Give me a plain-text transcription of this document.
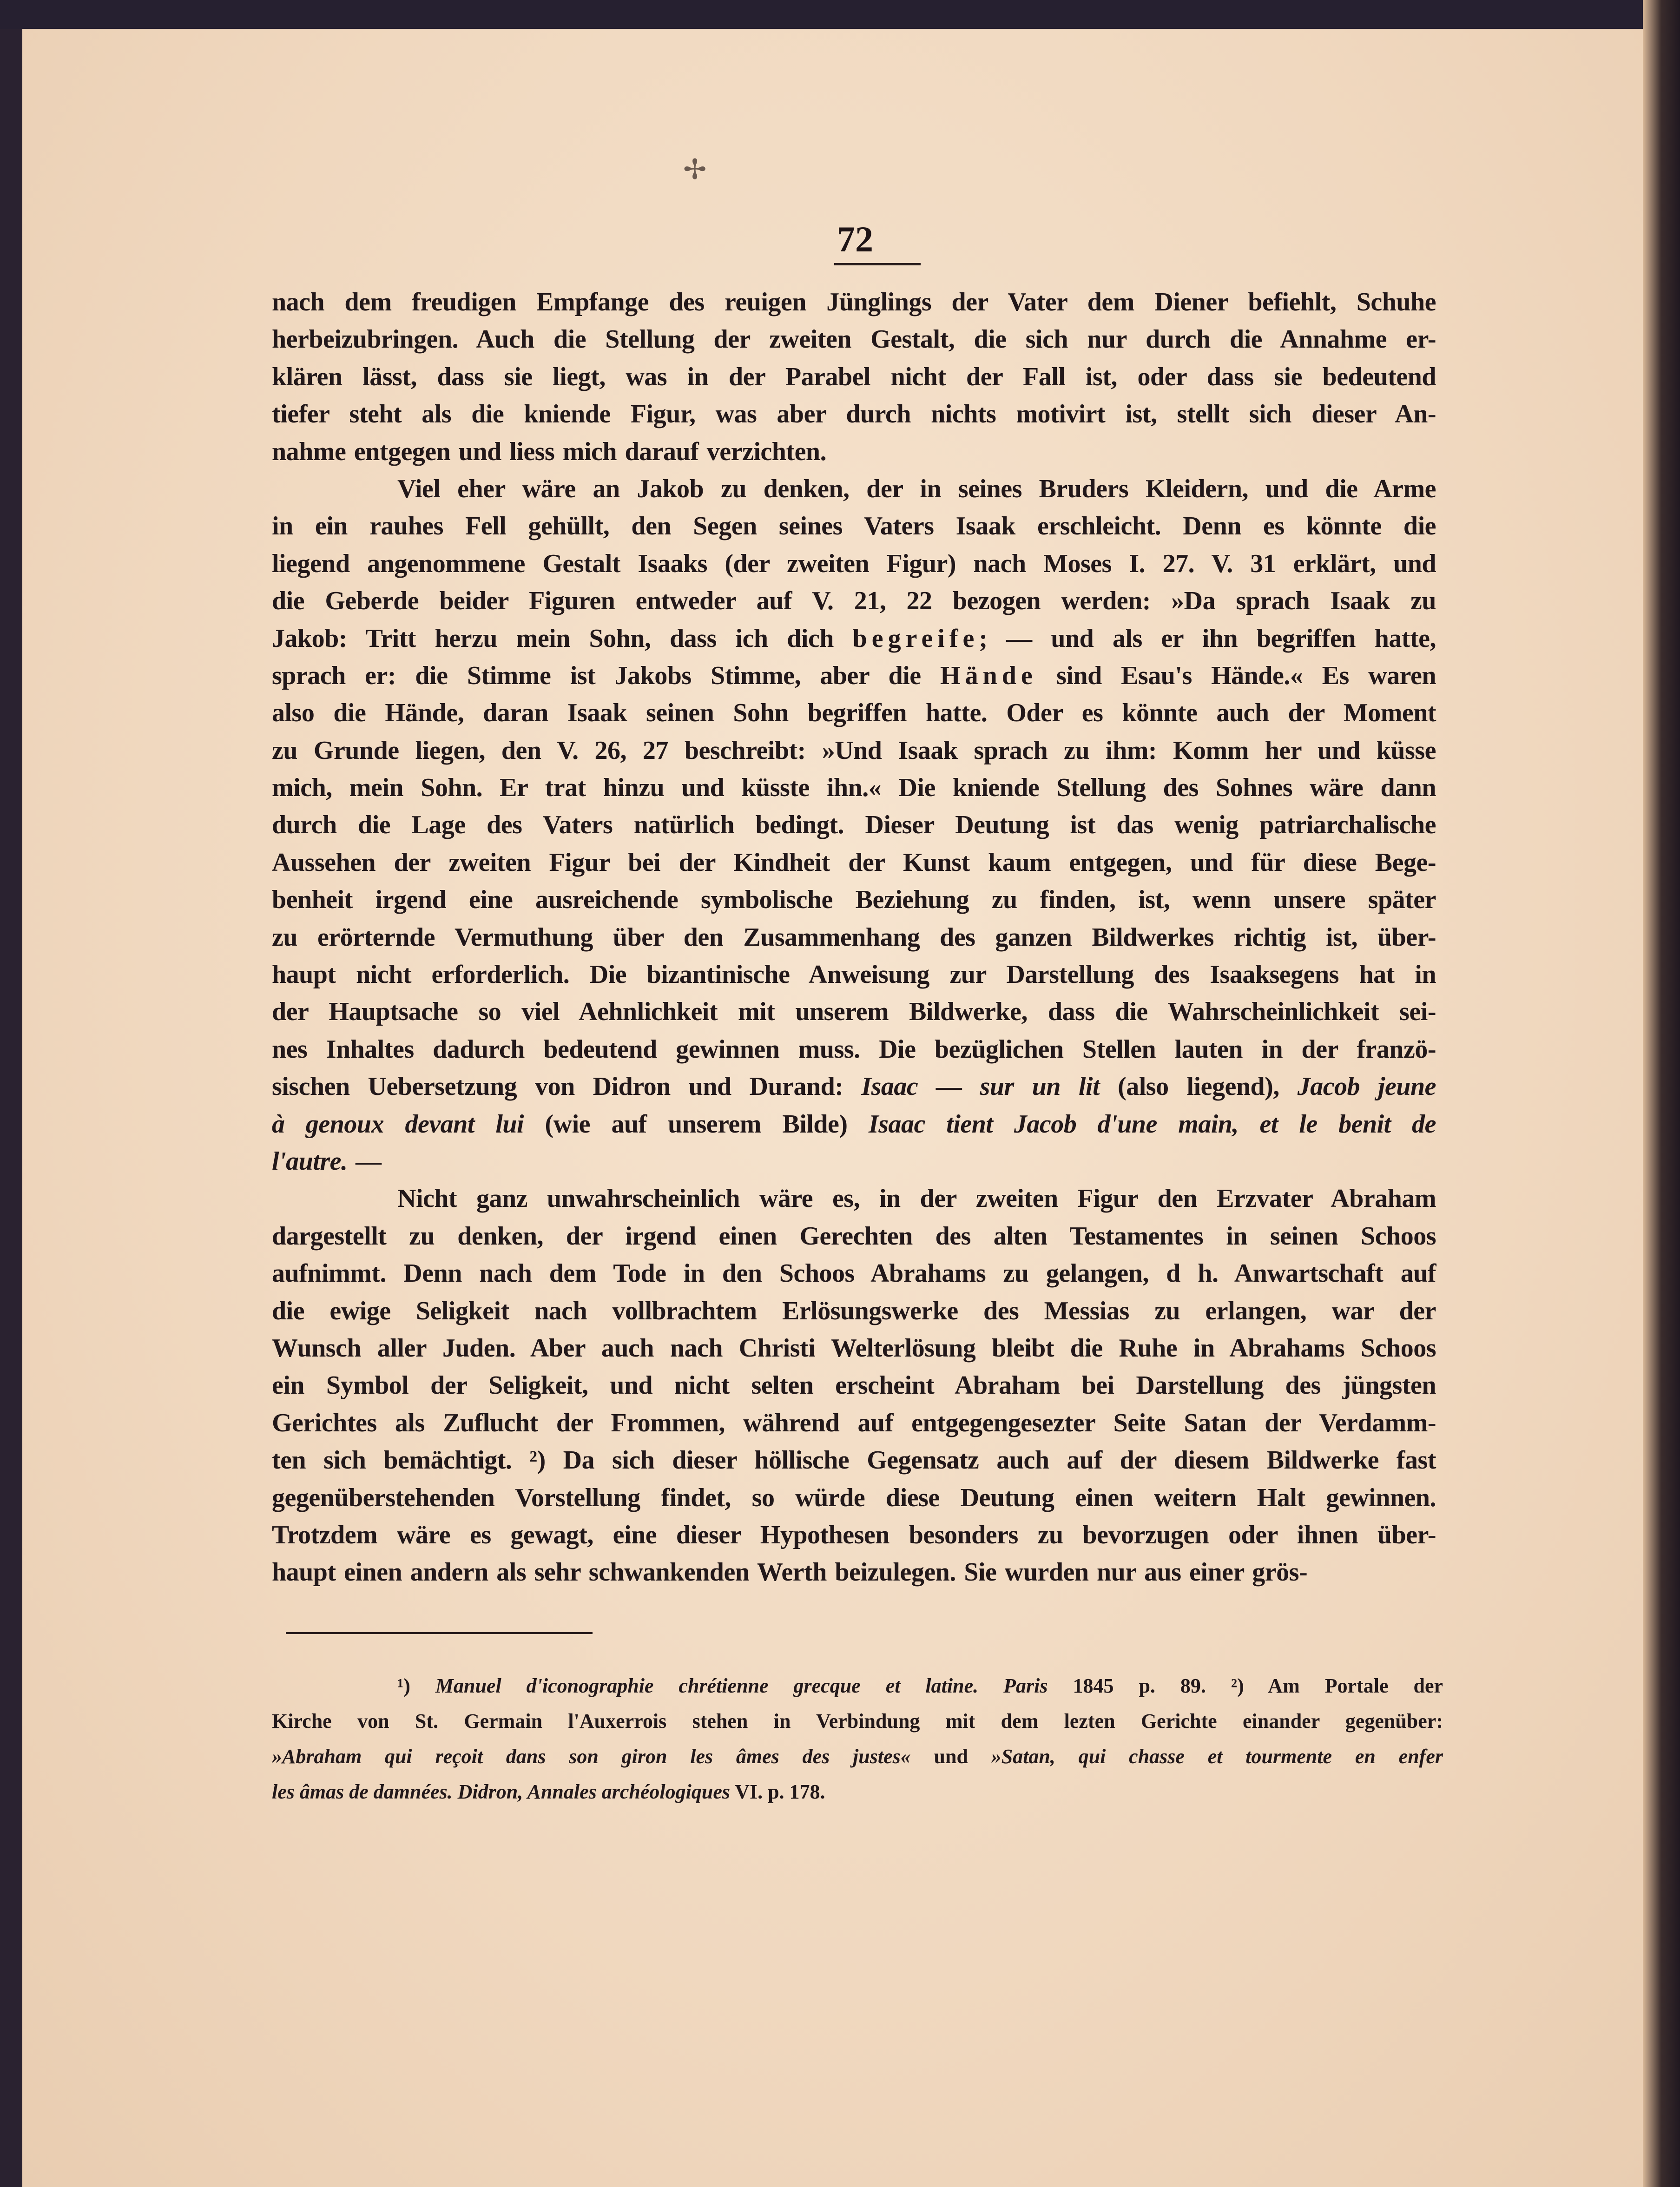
✢
72
nach dem freudigen Empfange des reuigen Jünglings der Vater dem Diener befiehlt, Schuhe
herbeizubringen. Auch die Stellung der zweiten Gestalt, die sich nur durch die Annahme er-
klären lässt, dass sie liegt, was in der Parabel nicht der Fall ist, oder dass sie bedeutend
tiefer steht als die kniende Figur, was aber durch nichts motivirt ist, stellt sich dieser An-
nahme entgegen und liess mich darauf verzichten.
Viel eher wäre an Jakob zu denken, der in seines Bruders Kleidern, und die Arme
in ein rauhes Fell gehüllt, den Segen seines Vaters Isaak erschleicht. Denn es könnte die
liegend angenommene Gestalt Isaaks (der zweiten Figur) nach Moses I. 27. V. 31 erklärt, und
die Geberde beider Figuren entweder auf V. 21, 22 bezogen werden: »Da sprach Isaak zu
Jakob: Tritt herzu mein Sohn, dass ich dich begreife; — und als er ihn begriffen hatte,
sprach er: die Stimme ist Jakobs Stimme, aber die Hände sind Esau's Hände.« Es waren
also die Hände, daran Isaak seinen Sohn begriffen hatte. Oder es könnte auch der Moment
zu Grunde liegen, den V. 26, 27 beschreibt: »Und Isaak sprach zu ihm: Komm her und küsse
mich, mein Sohn. Er trat hinzu und küsste ihn.« Die kniende Stellung des Sohnes wäre dann
durch die Lage des Vaters natürlich bedingt. Dieser Deutung ist das wenig patriarchalische
Aussehen der zweiten Figur bei der Kindheit der Kunst kaum entgegen, und für diese Bege-
benheit irgend eine ausreichende symbolische Beziehung zu finden, ist, wenn unsere später
zu erörternde Vermuthung über den Zusammenhang des ganzen Bildwerkes richtig ist, über-
haupt nicht erforderlich. Die bizantinische Anweisung zur Darstellung des Isaaksegens hat in
der Hauptsache so viel Aehnlichkeit mit unserem Bildwerke, dass die Wahrscheinlichkeit sei-
nes Inhaltes dadurch bedeutend gewinnen muss. Die bezüglichen Stellen lauten in der franzö-
sischen Uebersetzung von Didron und Durand: Isaac — sur un lit (also liegend), Jacob jeune
à genoux devant lui (wie auf unserem Bilde) Isaac tient Jacob d'une main, et le benit de
l'autre. —
Nicht ganz unwahrscheinlich wäre es, in der zweiten Figur den Erzvater Abraham
dargestellt zu denken, der irgend einen Gerechten des alten Testamentes in seinen Schoos
aufnimmt. Denn nach dem Tode in den Schoos Abrahams zu gelangen, d h. Anwartschaft auf
die ewige Seligkeit nach vollbrachtem Erlösungswerke des Messias zu erlangen, war der
Wunsch aller Juden. Aber auch nach Christi Welterlösung bleibt die Ruhe in Abrahams Schoos
ein Symbol der Seligkeit, und nicht selten erscheint Abraham bei Darstellung des jüngsten
Gerichtes als Zuflucht der Frommen, während auf entgegengesezter Seite Satan der Verdamm-
ten sich bemächtigt. ²) Da sich dieser höllische Gegensatz auch auf der diesem Bildwerke fast
gegenüberstehenden Vorstellung findet, so würde diese Deutung einen weitern Halt gewinnen.
Trotzdem wäre es gewagt, eine dieser Hypothesen besonders zu bevorzugen oder ihnen über-
haupt einen andern als sehr schwankenden Werth beizulegen. Sie wurden nur aus einer grös-
¹) Manuel d'iconographie chrétienne grecque et latine. Paris 1845 p. 89. ²) Am Portale der
Kirche von St. Germain l'Auxerrois stehen in Verbindung mit dem lezten Gerichte einander gegenüber:
»Abraham qui reçoit dans son giron les âmes des justes« und »Satan, qui chasse et tourmente en enfer
les âmas de damnées. Didron, Annales archéologiques VI. p. 178.
